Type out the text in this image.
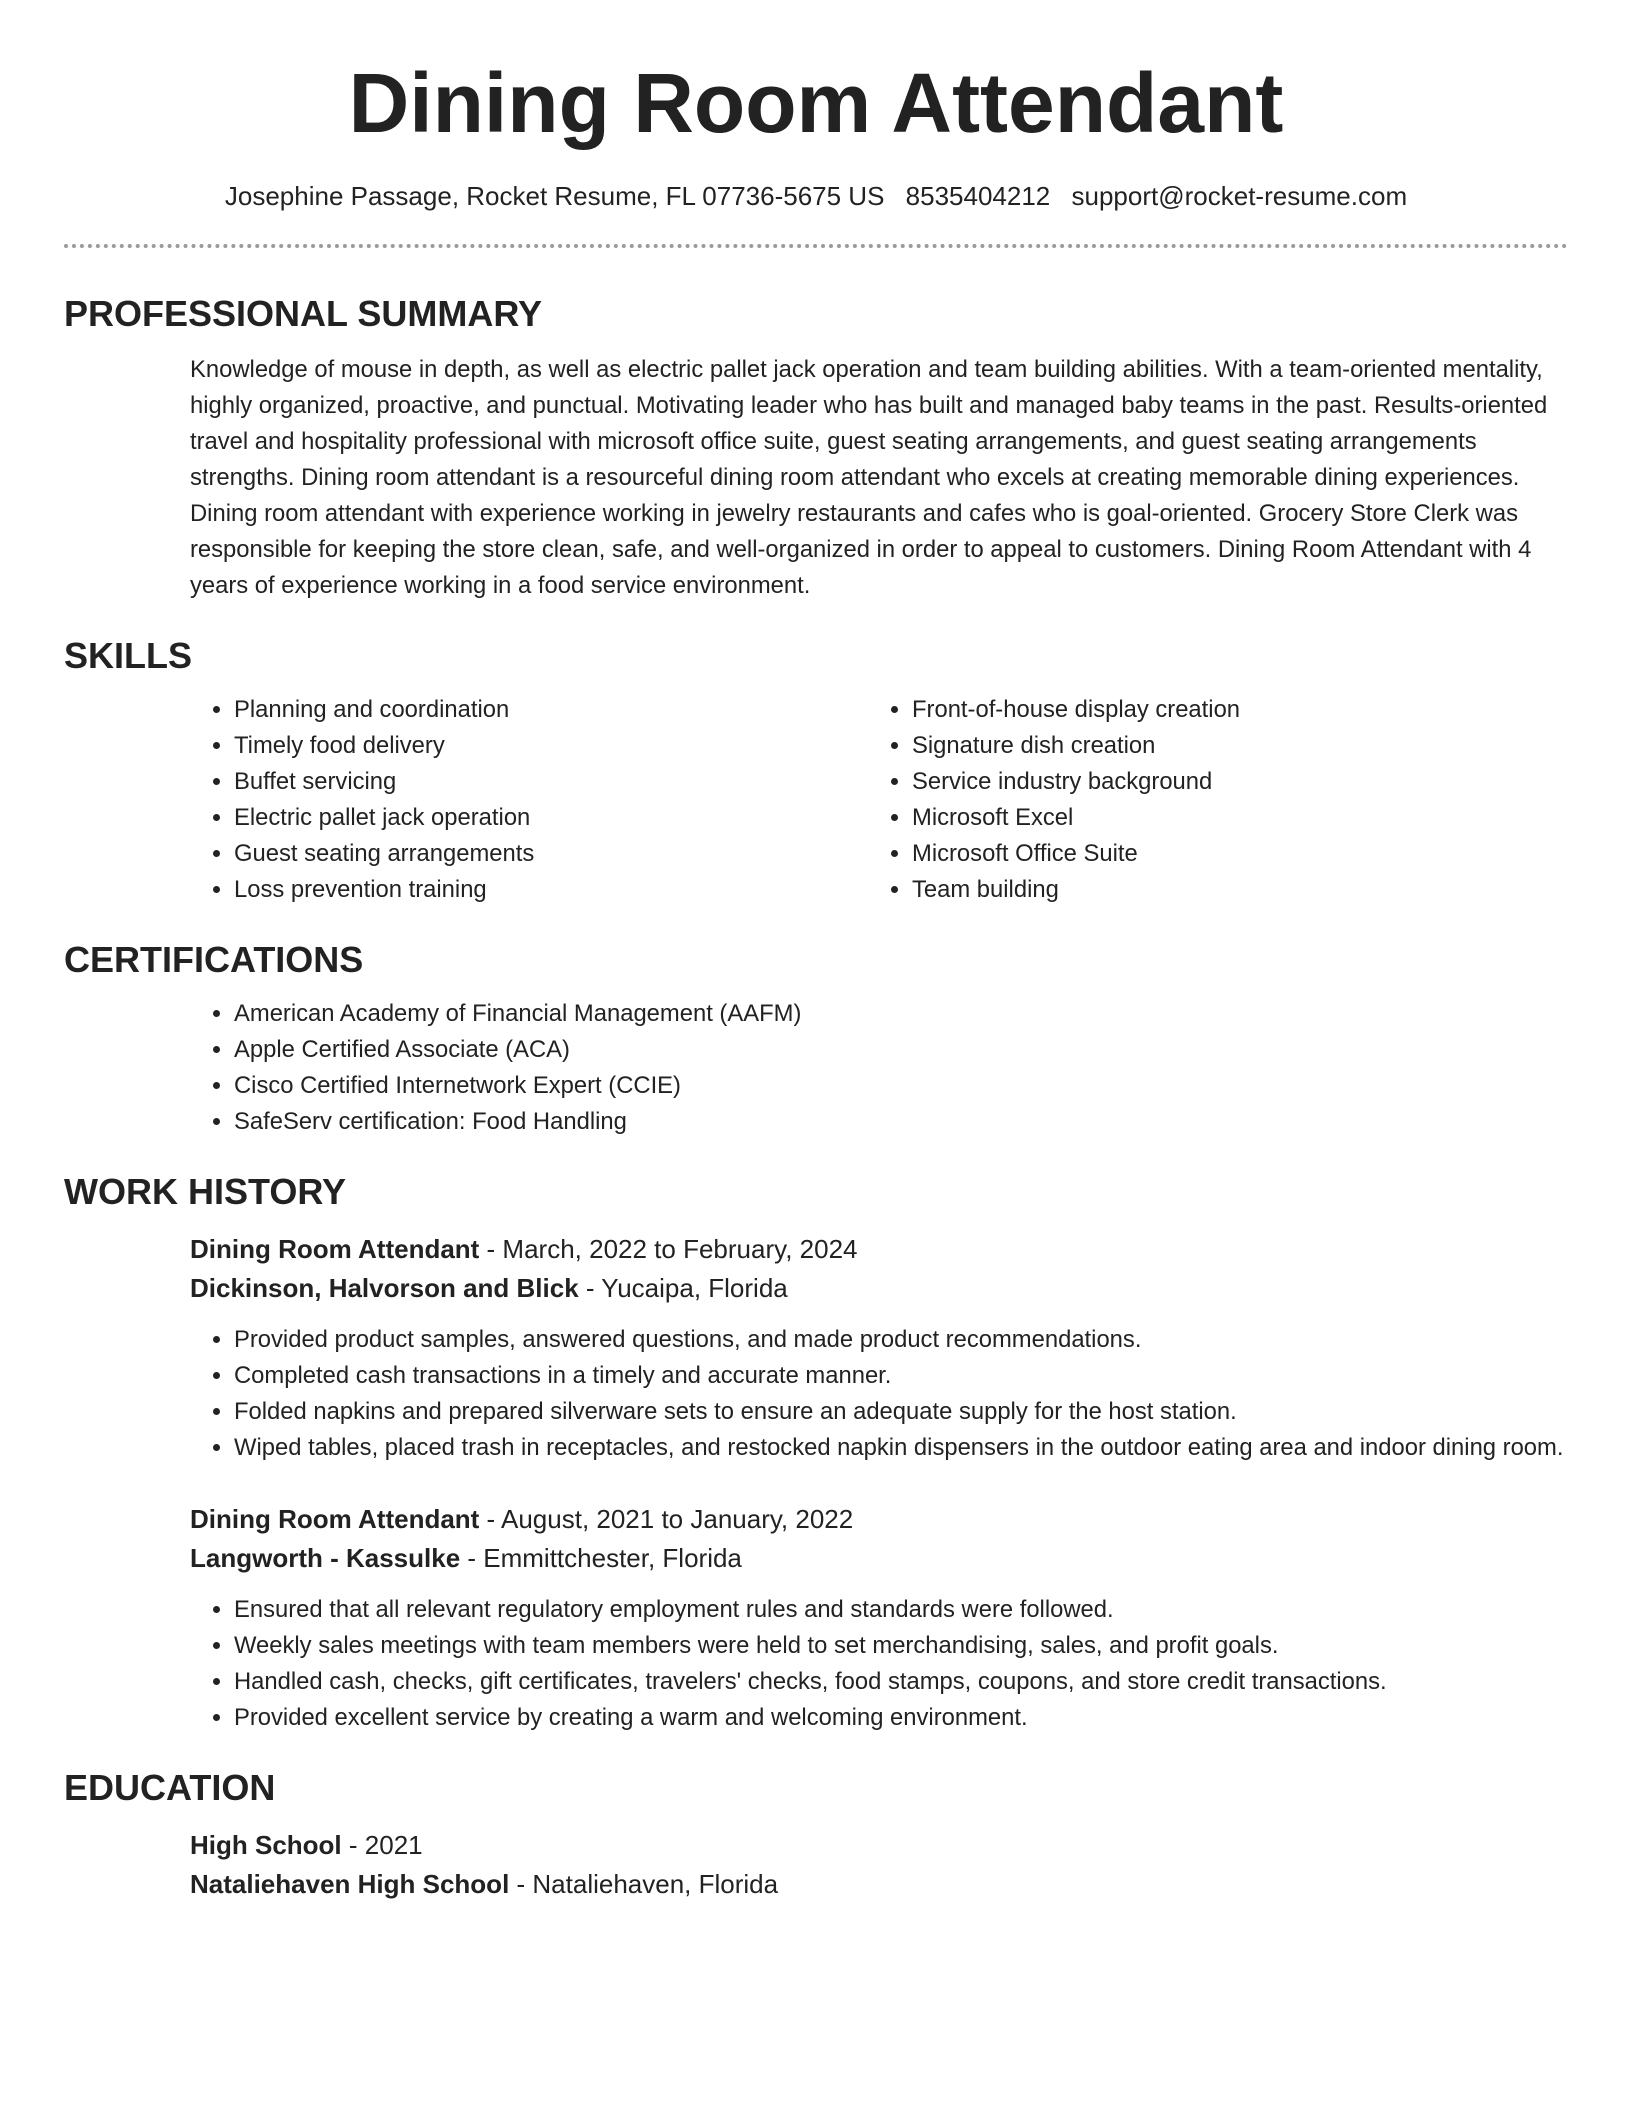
Dining Room Attendant
Josephine Passage, Rocket Resume, FL 07736-5675 US 8535404212 support@rocket-resume.com
PROFESSIONAL SUMMARY

Knowledge of mouse in depth, as well as electric pallet jack operation and team building abilities. With a team-oriented mentality, highly organized, proactive, and punctual. Motivating leader who has built and managed baby teams in the past. Results-oriented travel and hospitality professional with microsoft office suite, guest seating arrangements, and guest seating arrangements strengths. Dining room attendant is a resourceful dining room attendant who excels at creating memorable dining experiences. Dining room attendant with experience working in jewelry restaurants and cafes who is goal-oriented. Grocery Store Clerk was responsible for keeping the store clean, safe, and well-organized in order to appeal to customers. Dining Room Attendant with 4 years of experience working in a food service environment.

SKILLS
• Planning and coordination
• Timely food delivery
• Buffet servicing
• Electric pallet jack operation
• Guest seating arrangements
• Loss prevention training
• Front-of-house display creation
• Signature dish creation
• Service industry background
• Microsoft Excel
• Microsoft Office Suite
• Team building
CERTIFICATIONS
• American Academy of Financial Management (AAFM)
• Apple Certified Associate (ACA)
• Cisco Certified Internetwork Expert (CCIE)
• SafeServ certification: Food Handling
WORK HISTORY
Dining Room Attendant - March, 2022 to February, 2024
Dickinson, Halvorson and Blick - Yucaipa, Florida
• Provided product samples, answered questions, and made product recommendations.
• Completed cash transactions in a timely and accurate manner.
• Folded napkins and prepared silverware sets to ensure an adequate supply for the host station.
• Wiped tables, placed trash in receptacles, and restocked napkin dispensers in the outdoor eating area and indoor dining room.
Dining Room Attendant - August, 2021 to January, 2022
Langworth - Kassulke - Emmittchester, Florida
• Ensured that all relevant regulatory employment rules and standards were followed.
• Weekly sales meetings with team members were held to set merchandising, sales, and profit goals.
• Handled cash, checks, gift certificates, travelers' checks, food stamps, coupons, and store credit transactions.
• Provided excellent service by creating a warm and welcoming environment.
EDUCATION
High School - 2021
Nataliehaven High School - Nataliehaven, Florida
